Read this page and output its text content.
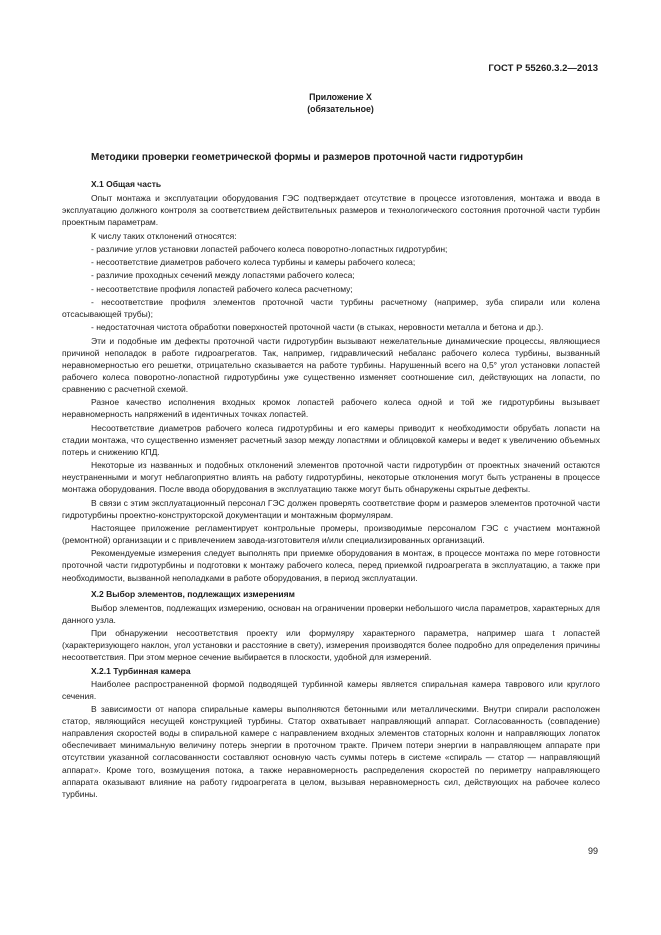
ГОСТ Р 55260.3.2—2013
Приложение X
(обязательное)
Методики проверки геометрической формы и размеров проточной части гидротурбин
X.1 Общая часть
Опыт монтажа и эксплуатации оборудования ГЭС подтверждает отсутствие в процессе изготовления, монтажа и ввода в эксплуатацию должного контроля за соответствием действительных размеров и технологического состояния проточной части турбин проектным параметрам.
К числу таких отклонений относятся:
- различие углов установки лопастей рабочего колеса поворотно-лопастных гидротурбин;
- несоответствие диаметров рабочего колеса турбины и камеры рабочего колеса;
- различие проходных сечений между лопастями рабочего колеса;
- несоответствие профиля лопастей рабочего колеса расчетному;
- несоответствие профиля элементов проточной части турбины расчетному (например, зуба спирали или колена отсасывающей трубы);
- недостаточная чистота обработки поверхностей проточной части (в стыках, неровности металла и бетона и др.).
Эти и подобные им дефекты проточной части гидротурбин вызывают нежелательные динамические процессы, являющиеся причиной неполадок в работе гидроагрегатов. Так, например, гидравлический небаланс рабочего колеса турбины, вызванный неравномерностью его решетки, отрицательно сказывается на работе турбины. Нарушенный всего на 0,5° угол установки лопастей рабочего колеса поворотно-лопастной гидротурбины уже существенно изменяет соотношение сил, действующих на лопасти, по сравнению с расчетной схемой.
Разное качество исполнения входных кромок лопастей рабочего колеса одной и той же гидротурбины вызывает неравномерность напряжений в идентичных точках лопастей.
Несоответствие диаметров рабочего колеса гидротурбины и его камеры приводит к необходимости обрубать лопасти на стадии монтажа, что существенно изменяет расчетный зазор между лопастями и облицовкой камеры и ведет к увеличению объемных потерь и снижению КПД.
Некоторые из названных и подобных отклонений элементов проточной части гидротурбин от проектных значений остаются неустраненными и могут неблагоприятно влиять на работу гидротурбины, некоторые отклонения могут быть устранены в процессе монтажа оборудования. После ввода оборудования в эксплуатацию также могут быть обнаружены скрытые дефекты.
В связи с этим эксплуатационный персонал ГЭС должен проверять соответствие форм и размеров элементов проточной части гидротурбины проектно-конструкторской документации и монтажным формулярам.
Настоящее приложение регламентирует контрольные промеры, производимые персоналом ГЭС с участием монтажной (ремонтной) организации и с привлечением завода-изготовителя и/или специализированных организаций.
Рекомендуемые измерения следует выполнять при приемке оборудования в монтаж, в процессе монтажа по мере готовности проточной части гидротурбины и подготовки к монтажу рабочего колеса, перед приемкой гидроагрегата в эксплуатацию, а также при необходимости, вызванной неполадками в работе оборудования, в период эксплуатации.
X.2 Выбор элементов, подлежащих измерениям
Выбор элементов, подлежащих измерению, основан на ограничении проверки небольшого числа параметров, характерных для данного узла.
При обнаружении несоответствия проекту или формуляру характерного параметра, например шага t лопастей (характеризующего наклон, угол установки и расстояние в свету), измерения производятся более подробно для определения причины несоответствия. При этом мерное сечение выбирается в плоскости, удобной для измерений.
X.2.1 Турбинная камера
Наиболее распространенной формой подводящей турбинной камеры является спиральная камера таврового или круглого сечения.
В зависимости от напора спиральные камеры выполняются бетонными или металлическими. Внутри спирали расположен статор, являющийся несущей конструкцией турбины. Статор охватывает направляющий аппарат. Согласованность (совпадение) направления скоростей воды в спиральной камере с направлением входных элементов статорных колонн и направляющих лопаток обеспечивает минимальную величину потерь энергии в проточном тракте. Причем потери энергии в направляющем аппарате при отсутствии указанной согласованности составляют основную часть суммы потерь в системе «спираль — статор — направляющий аппарат». Кроме того, возмущения потока, а также неравномерность распределения скоростей по периметру направляющего аппарата оказывают влияние на работу гидроагрегата в целом, вызывая неравномерность сил, действующих на рабочее колесо турбины.
99
